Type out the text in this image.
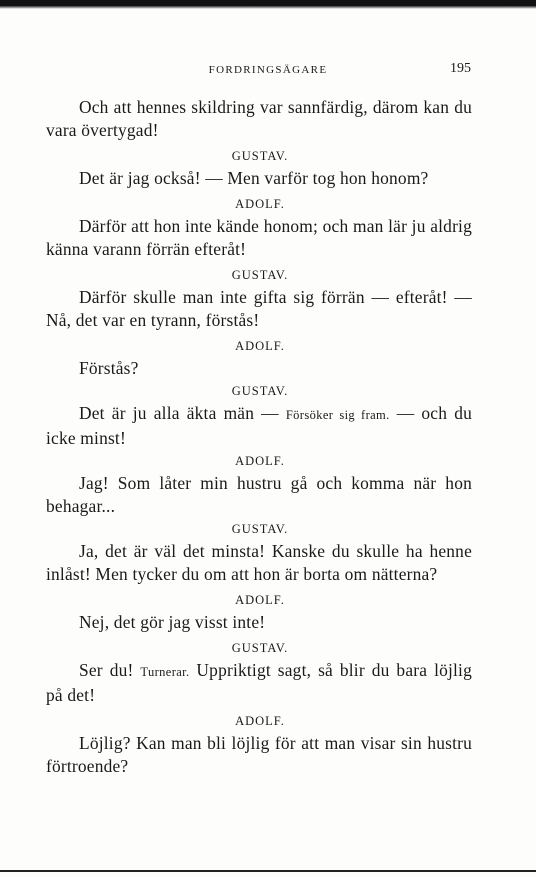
FORDRINGSÄGARE	195

Och att hennes skildring var sannfärdig, därom kan du vara övertygad!

GUSTAV.

Det är jag också! — Men varför tog hon honom?

ADOLF.

Därför att hon inte kände honom; och man lär ju aldrig känna varann förrän efteråt!

GUSTAV.

Därför skulle man inte gifta sig förrän — efteråt! — Nå, det var en tyrann, förstås!

ADOLF.

Förstås?

GUSTAV.

Det är ju alla äkta män — Försöker sig fram. — och du icke minst!

ADOLF.

Jag! Som låter min hustru gå och komma när hon behagar...

GUSTAV.

Ja, det är väl det minsta! Kanske du skulle ha henne inlåst! Men tycker du om att hon är borta om nätterna?

ADOLF.

Nej, det gör jag visst inte!

GUSTAV.

Ser du! Turnerar. Uppriktigt sagt, så blir du bara löjlig på det!

ADOLF.

Löjlig? Kan man bli löjlig för att man visar sin hustru förtroende?
